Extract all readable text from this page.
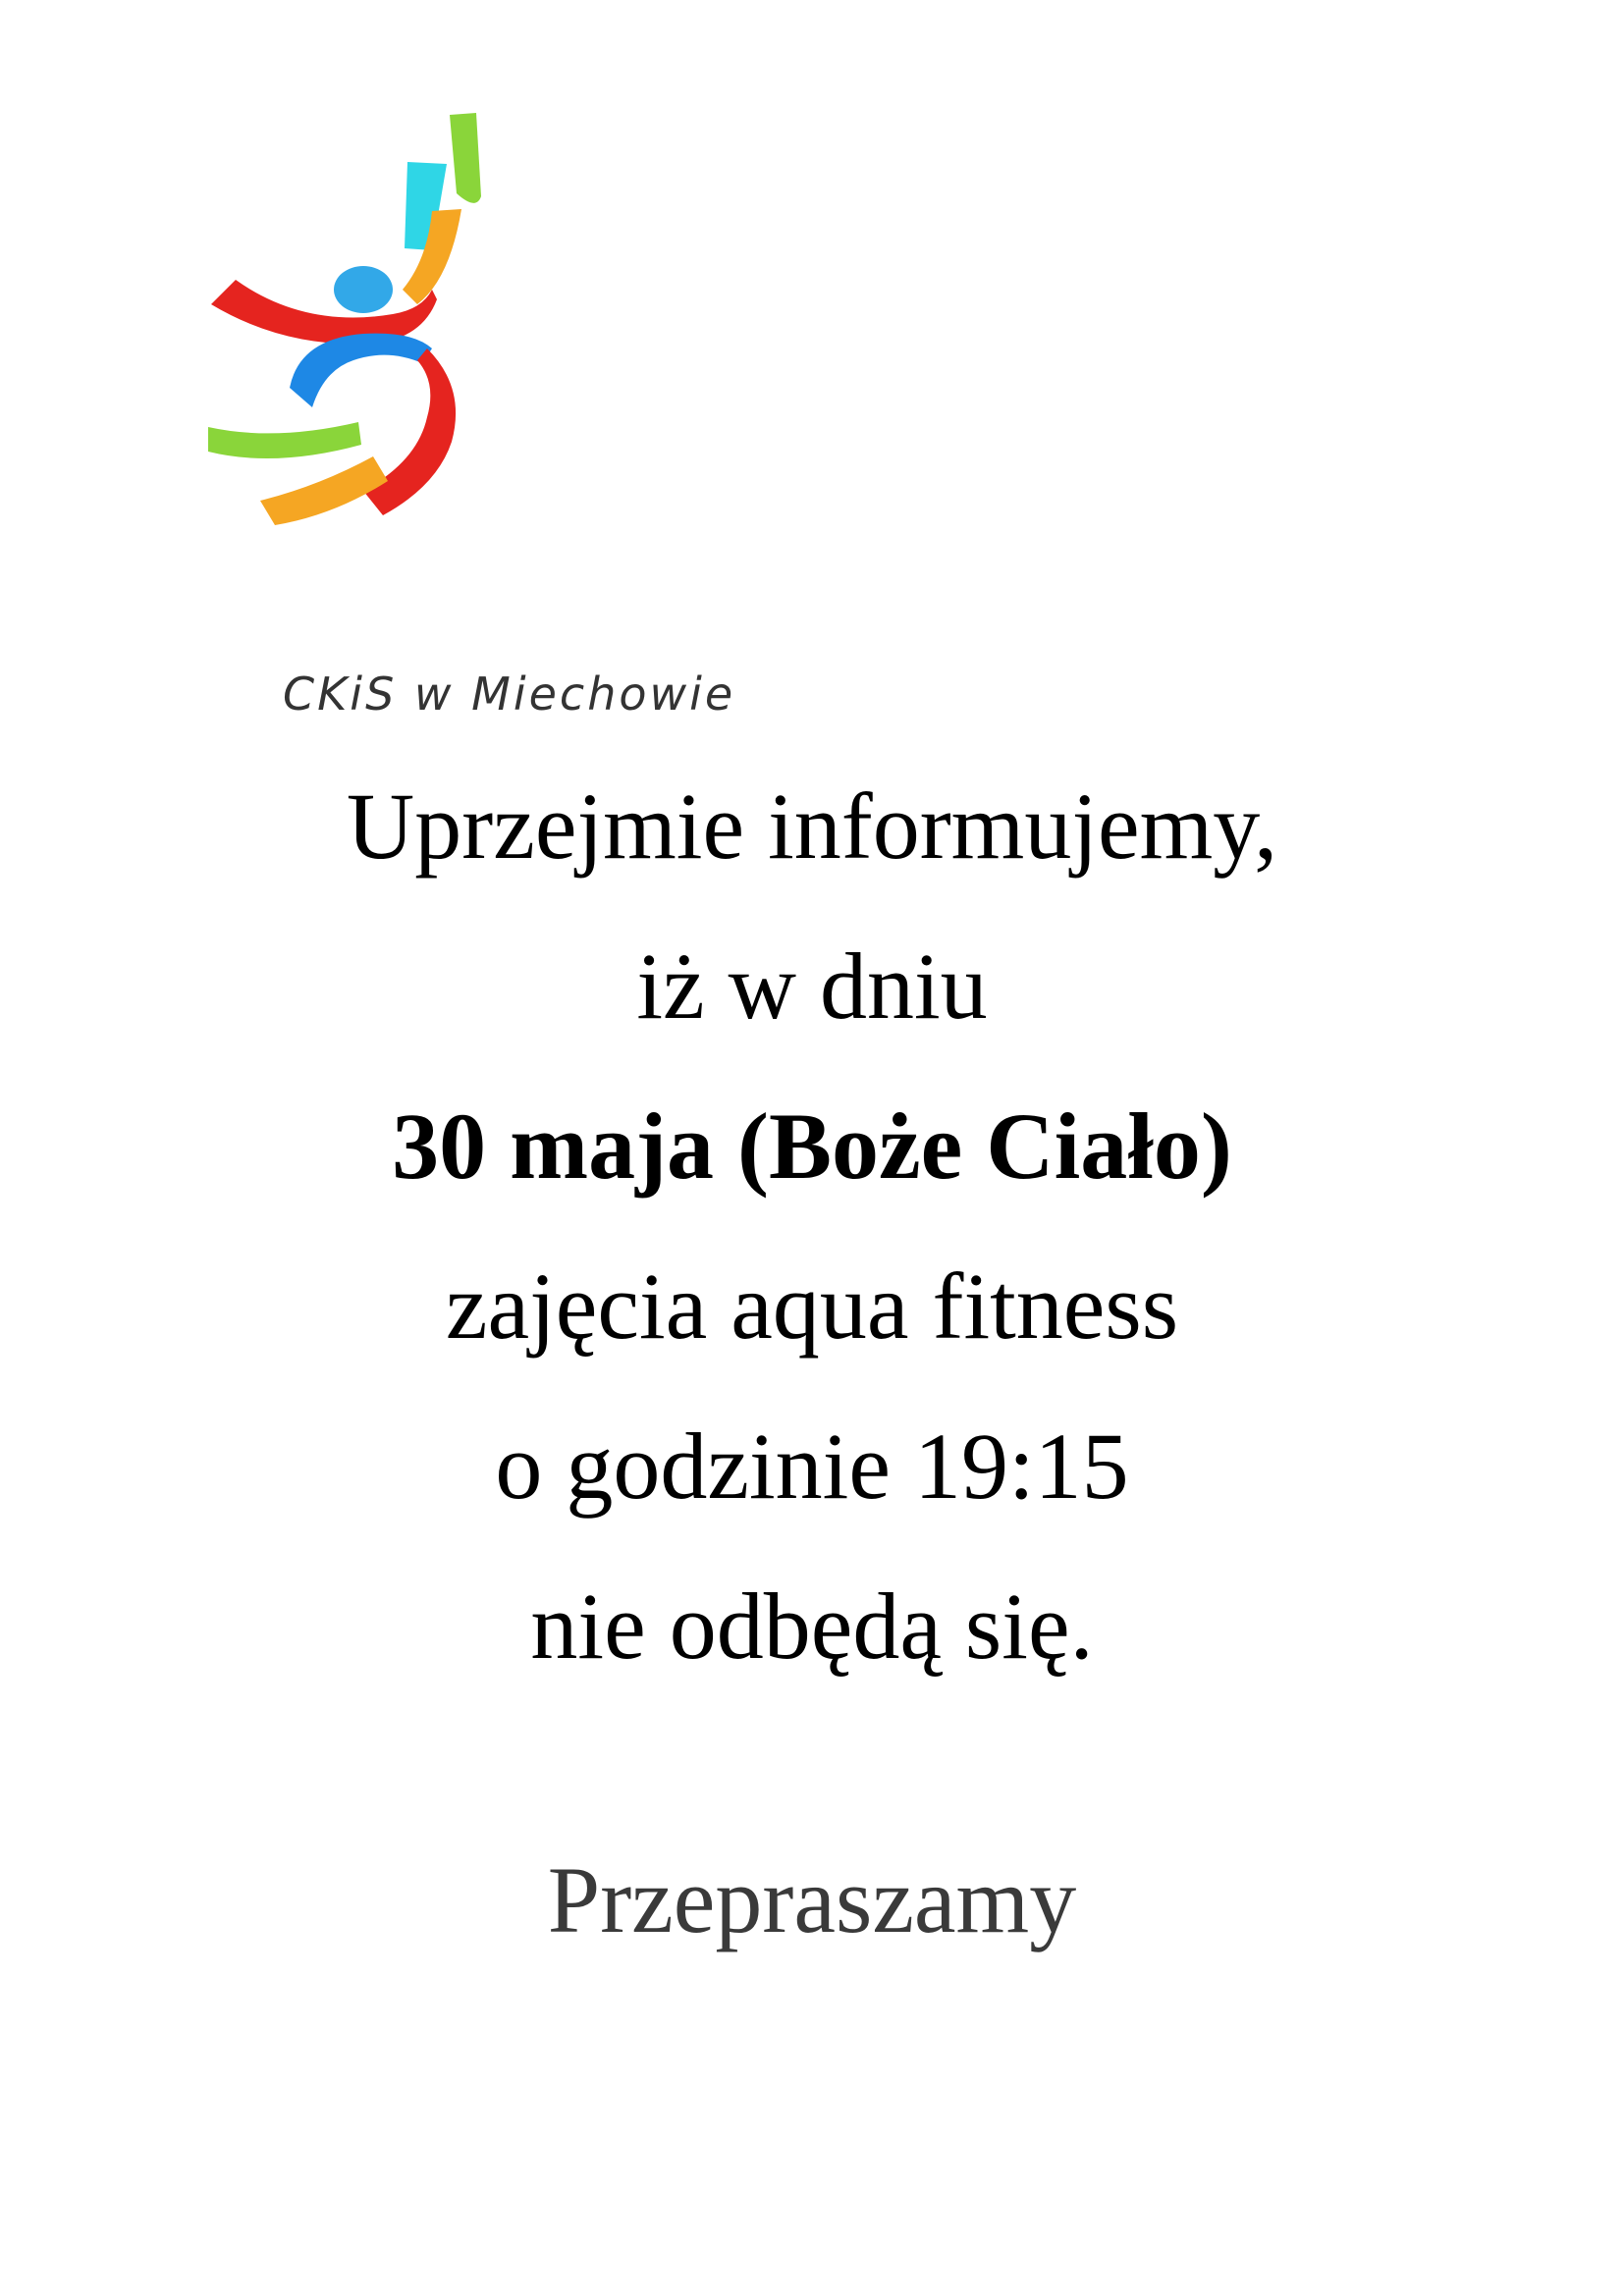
CKiS w Miechowie
Uprzejmie informujemy,
iż w dniu
30 maja (Boże Ciało)
zajęcia aqua fitness
o godzinie 19:15
nie odbędą się.
Przepraszamy
